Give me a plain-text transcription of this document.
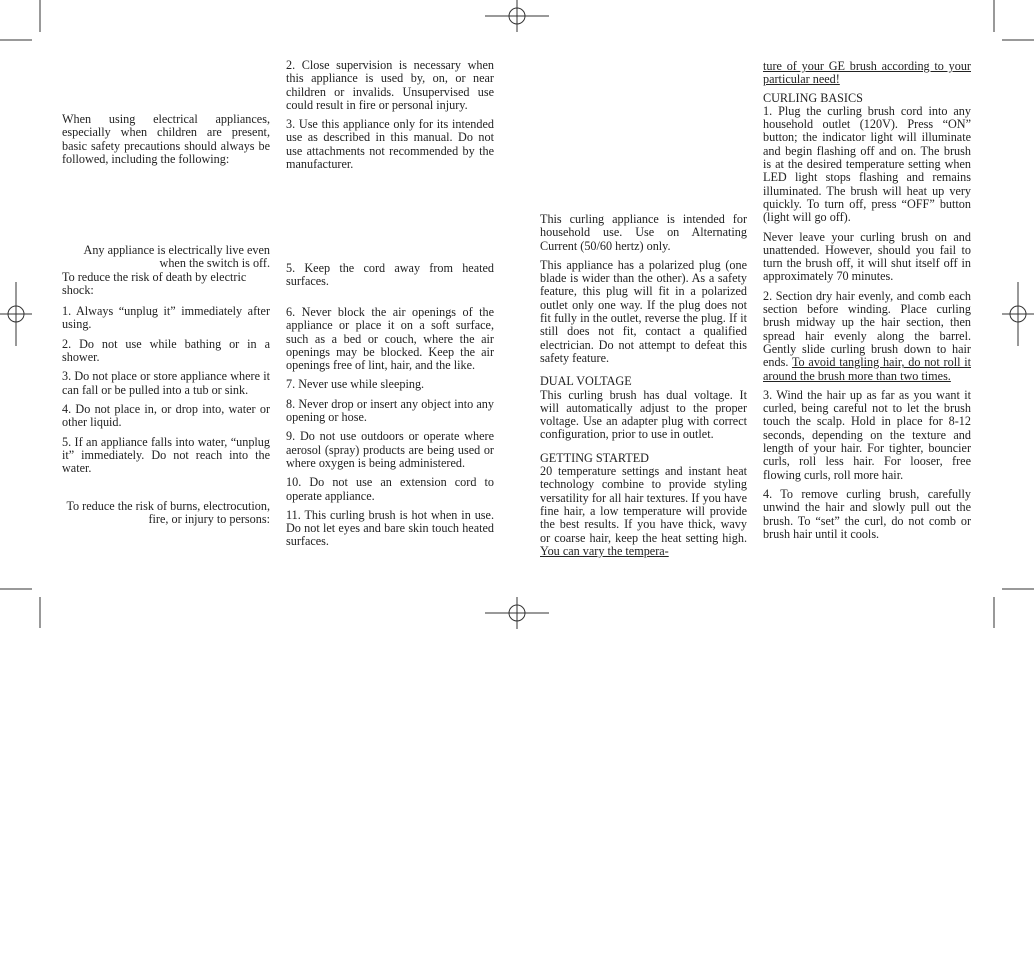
When using electrical appliances, especially when children are present, basic safety precautions should always be followed, including the following:

Any appliance is electrically live even when the switch is off.

To reduce the risk of death by electric shock:

1. Always “unplug it” immediately after using.

2. Do not use while bathing or in a shower.

3. Do not place or store appliance where it can fall or be pulled into a tub or sink.

4. Do not place in, or drop into, water or other liquid.

5. If an appliance falls into water, “unplug it” immediately. Do not reach into the water.

To reduce the risk of burns, electrocution, fire, or injury to persons:

2. Close supervision is necessary when this appliance is used by, on, or near children or invalids. Unsupervised use could result in fire or personal injury.

3. Use this appliance only for its intended use as described in this manual. Do not use attachments not recommended by the manufacturer.

5. Keep the cord away from heated surfaces.

6. Never block the air openings of the appliance or place it on a soft surface, such as a bed or couch, where the air openings may be blocked. Keep the air openings free of lint, hair, and the like.

7. Never use while sleeping.

8. Never drop or insert any object into any opening or hose.

9. Do not use outdoors or operate where aerosol (spray) products are being used or where oxygen is being administered.

10. Do not use an extension cord to operate appliance.

11. This curling brush is hot when in use. Do not let eyes and bare skin touch heated surfaces.

This curling appliance is intended for household use. Use on Alternating Current (50/60 hertz) only.

This appliance has a polarized plug (one blade is wider than the other). As a safety feature, this plug will fit in a polarized outlet only one way. If the plug does not fit fully in the outlet, reverse the plug. If it still does not fit, contact a qualified electrician. Do not attempt to defeat this safety feature.

DUAL VOLTAGE

This curling brush has dual voltage. It will automatically adjust to the proper voltage. Use an adapter plug with correct configuration, prior to use in outlet.

GETTING STARTED

20 temperature settings and instant heat technology combine to provide styling versatility for all hair textures. If you have fine hair, a low temperature will provide the best results. If you have thick, wavy or coarse hair, keep the heat setting high. You can vary the tempera-

ture of your GE brush according to your particular need!

CURLING BASICS

1. Plug the curling brush cord into any household outlet (120V). Press “ON” button; the indicator light will illuminate and begin flashing off and on. The brush is at the desired temperature setting when LED light stops flashing and remains illuminated. The brush will heat up very quickly. To turn off, press “OFF” button (light will go off).

Never leave your curling brush on and unattended. However, should you fail to turn the brush off, it will shut itself off in approximately 70 minutes.

2. Section dry hair evenly, and comb each section before winding. Place curling brush midway up the hair section, then spread hair evenly along the barrel. Gently slide curling brush down to hair ends. To avoid tangling hair, do not roll it around the brush more than two times.

3. Wind the hair up as far as you want it curled, being careful not to let the brush touch the scalp. Hold in place for 8-12 seconds, depending on the texture and length of your hair. For tighter, bouncier curls, roll less hair. For looser, free flowing curls, roll more hair.

4. To remove curling brush, carefully unwind the hair and slowly pull out the brush. To “set” the curl, do not comb or brush hair until it cools.
